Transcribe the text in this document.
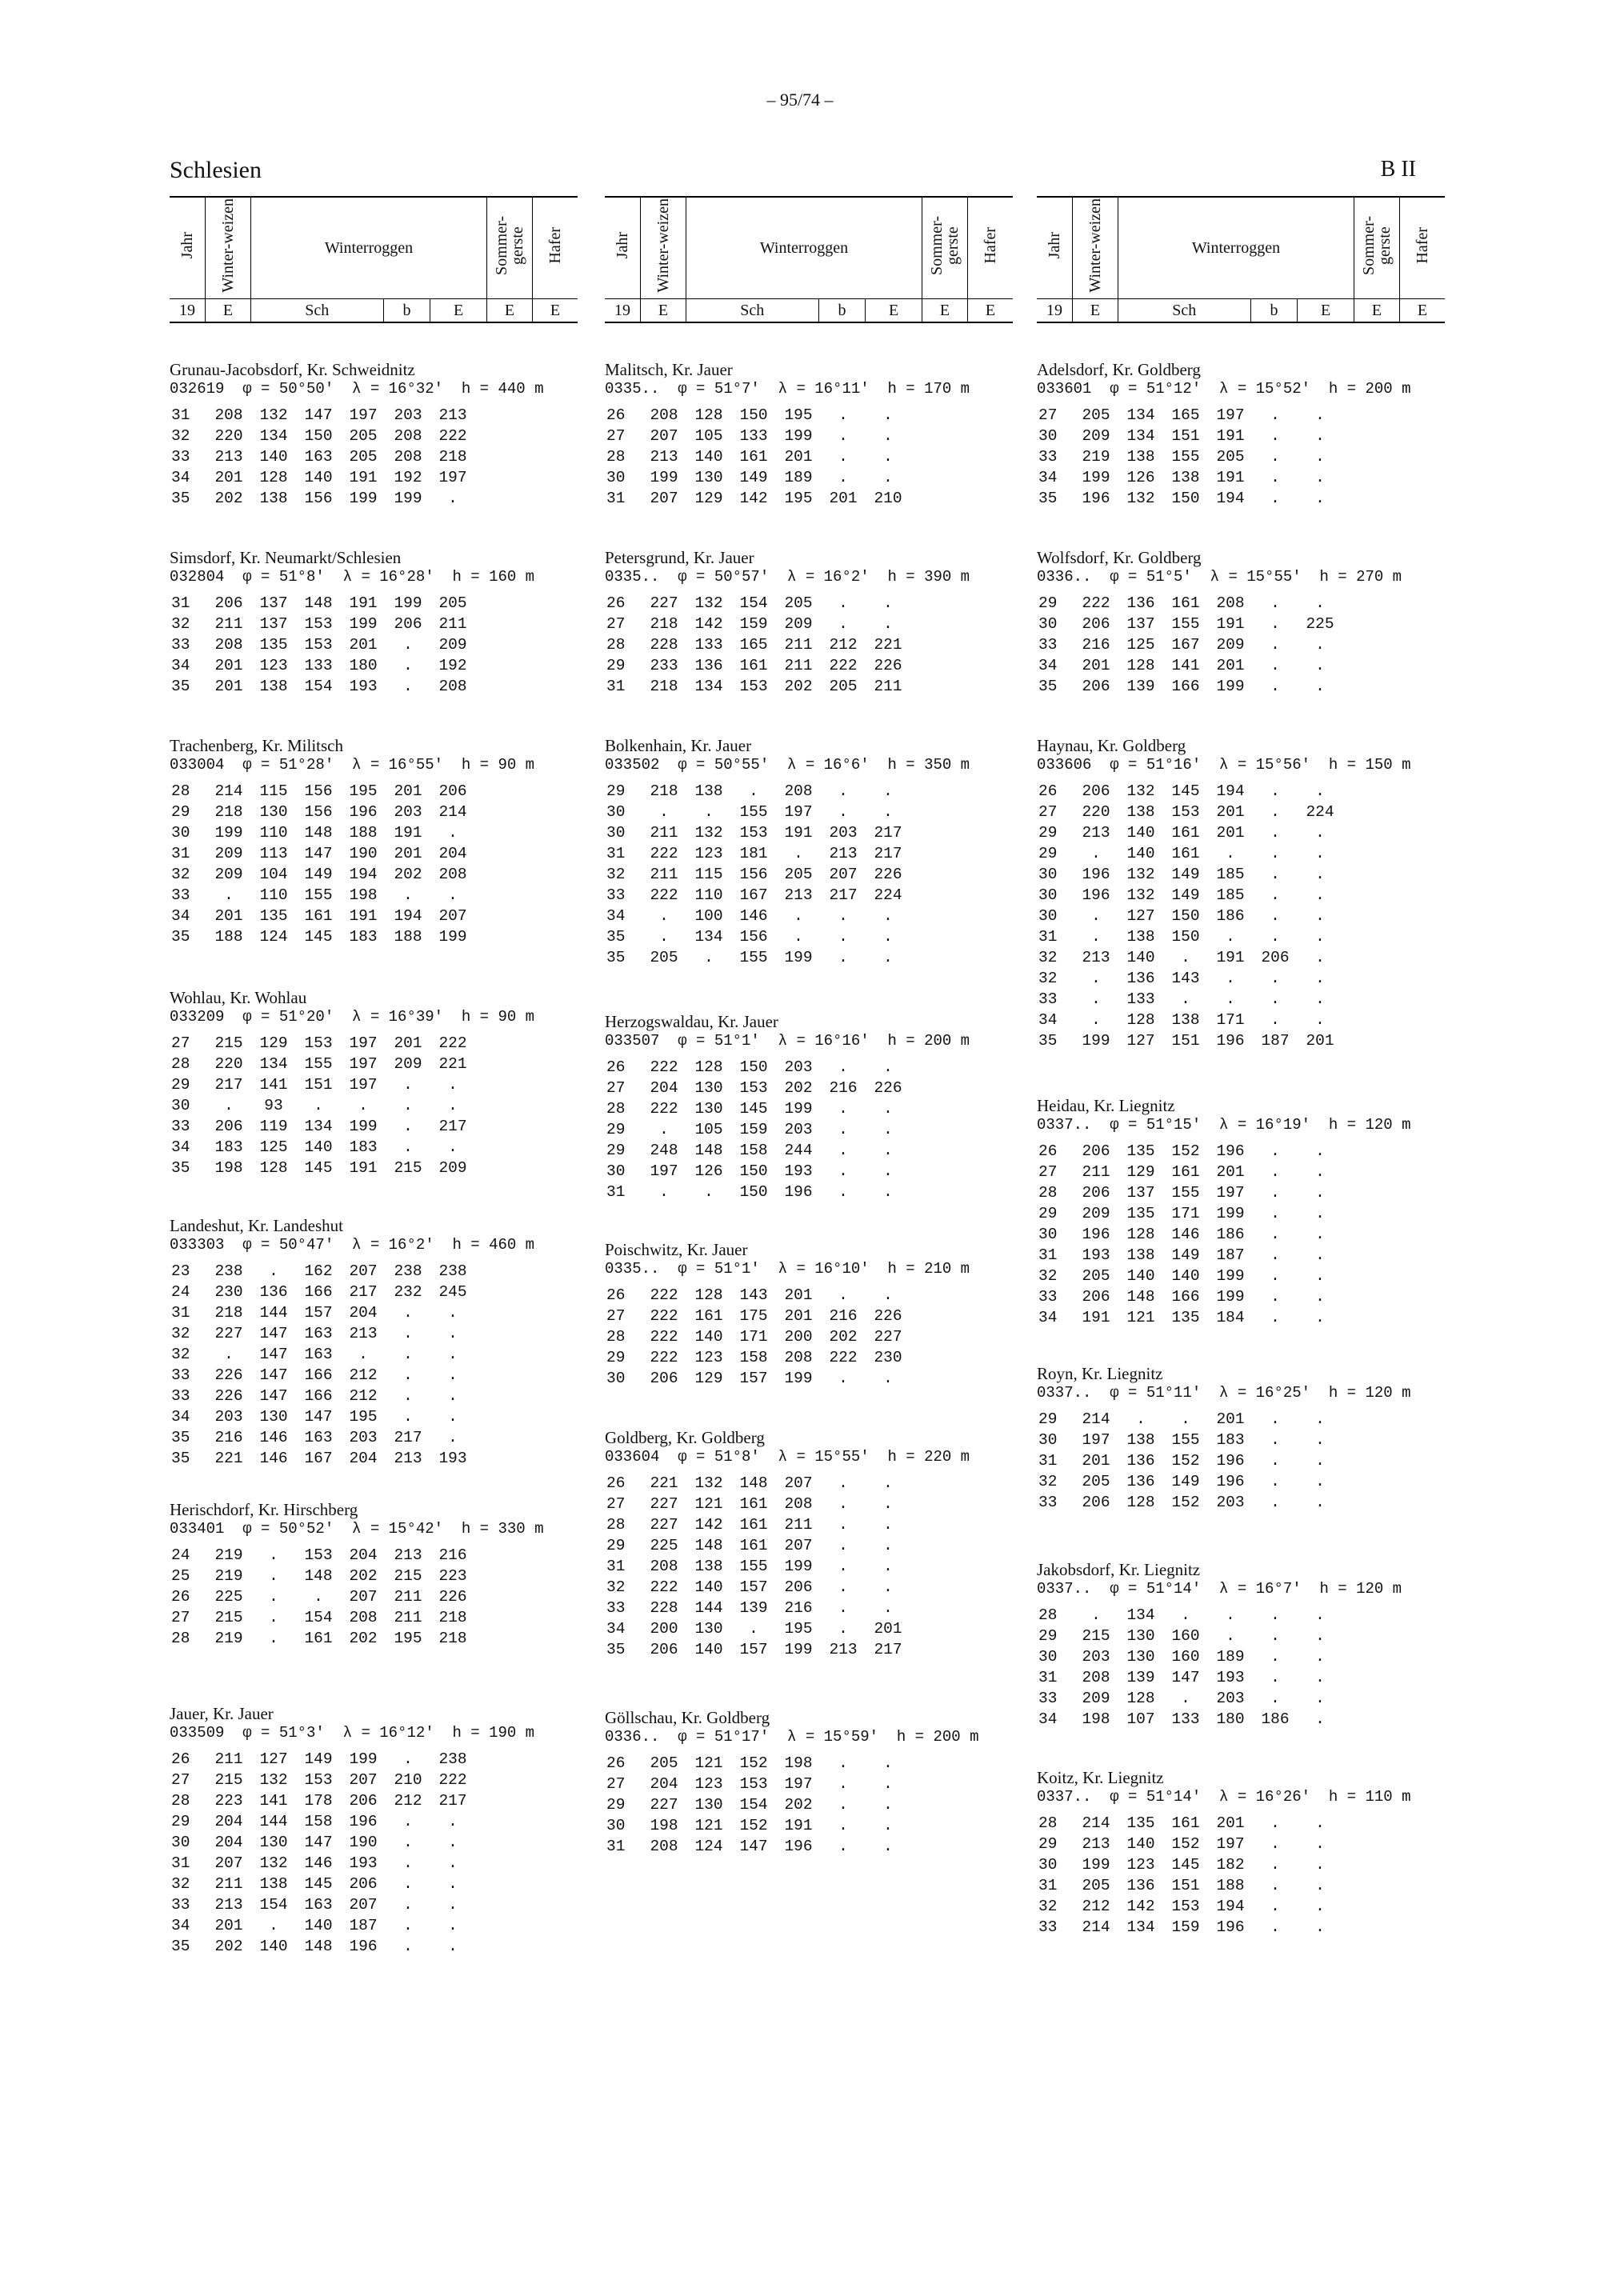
– 95/74 –
Schlesien	B II
Jahr	Winter-weizen	Winterroggen			Sommer-gerste	Hafer
19	E	Sch	b	E	E	E
Grunau-Jacobsdorf, Kr. Schweidnitz
032619  φ = 50°50'  λ = 16°32'  h = 440 m
31	208	132	147	197	203	213
32	220	134	150	205	208	222
33	213	140	163	205	208	218
34	201	128	140	191	192	197
35	202	138	156	199	199	.
Simsdorf, Kr. Neumarkt/Schlesien
032804  φ = 51°8'  λ = 16°28'  h = 160 m
31	206	137	148	191	199	205
32	211	137	153	199	206	211
33	208	135	153	201	.	209
34	201	123	133	180	.	192
35	201	138	154	193	.	208
Trachenberg, Kr. Militsch
033004  φ = 51°28'  λ = 16°55'  h = 90 m
28	214	115	156	195	201	206
29	218	130	156	196	203	214
30	199	110	148	188	191	.
31	209	113	147	190	201	204
32	209	104	149	194	202	208
33	.	110	155	198	.	.
34	201	135	161	191	194	207
35	188	124	145	183	188	199
Wohlau, Kr. Wohlau
033209  φ = 51°20'  λ = 16°39'  h = 90 m
27	215	129	153	197	201	222
28	220	134	155	197	209	221
29	217	141	151	197	.	.
30	.	93	.	.	.	.
33	206	119	134	199	.	217
34	183	125	140	183	.	.
35	198	128	145	191	215	209
Landeshut, Kr. Landeshut
033303  φ = 50°47'  λ = 16°2'  h = 460 m
23	238	.	162	207	238	238
24	230	136	166	217	232	245
31	218	144	157	204	.	.
32	227	147	163	213	.	.
32	.	147	163	.	.	.
33	226	147	166	212	.	.
33	226	147	166	212	.	.
34	203	130	147	195	.	.
35	216	146	163	203	217	.
35	221	146	167	204	213	193
Herischdorf, Kr. Hirschberg
033401  φ = 50°52'  λ = 15°42'  h = 330 m
24	219	.	153	204	213	216
25	219	.	148	202	215	223
26	225	.	.	207	211	226
27	215	.	154	208	211	218
28	219	.	161	202	195	218
Jauer, Kr. Jauer
033509  φ = 51°3'  λ = 16°12'  h = 190 m
26	211	127	149	199	.	238
27	215	132	153	207	210	222
28	223	141	178	206	212	217
29	204	144	158	196	.	.
30	204	130	147	190	.	.
31	207	132	146	193	.	.
32	211	138	145	206	.	.
33	213	154	163	207	.	.
34	201	.	140	187	.	.
35	202	140	148	196	.	.
Jahr	Winter-weizen	Winterroggen			Sommer-gerste	Hafer
19	E	Sch	b	E	E	E
Malitsch, Kr. Jauer
0335..  φ = 51°7'  λ = 16°11'  h = 170 m
26	208	128	150	195	.	.
27	207	105	133	199	.	.
28	213	140	161	201	.	.
30	199	130	149	189	.	.
31	207	129	142	195	201	210
Petersgrund, Kr. Jauer
0335..  φ = 50°57'  λ = 16°2'  h = 390 m
26	227	132	154	205	.	.
27	218	142	159	209	.	.
28	228	133	165	211	212	221
29	233	136	161	211	222	226
31	218	134	153	202	205	211
Bolkenhain, Kr. Jauer
033502  φ = 50°55'  λ = 16°6'  h = 350 m
29	218	138	.	208	.	.
30	.	.	155	197	.	.
30	211	132	153	191	203	217
31	222	123	181	.	213	217
32	211	115	156	205	207	226
33	222	110	167	213	217	224
34	.	100	146	.	.	.
35	.	134	156	.	.	.
35	205	.	155	199	.	.
Herzogswaldau, Kr. Jauer
033507  φ = 51°1'  λ = 16°16'  h = 200 m
26	222	128	150	203	.	.
27	204	130	153	202	216	226
28	222	130	145	199	.	.
29	.	105	159	203	.	.
29	248	148	158	244	.	.
30	197	126	150	193	.	.
31	.	.	150	196	.	.
Poischwitz, Kr. Jauer
0335..  φ = 51°1'  λ = 16°10'  h = 210 m
26	222	128	143	201	.	.
27	222	161	175	201	216	226
28	222	140	171	200	202	227
29	222	123	158	208	222	230
30	206	129	157	199	.	.
Goldberg, Kr. Goldberg
033604  φ = 51°8'  λ = 15°55'  h = 220 m
26	221	132	148	207	.	.
27	227	121	161	208	.	.
28	227	142	161	211	.	.
29	225	148	161	207	.	.
31	208	138	155	199	.	.
32	222	140	157	206	.	.
33	228	144	139	216	.	.
34	200	130	.	195	.	201
35	206	140	157	199	213	217
Göllschau, Kr. Goldberg
0336..  φ = 51°17'  λ = 15°59'  h = 200 m
26	205	121	152	198	.	.
27	204	123	153	197	.	.
29	227	130	154	202	.	.
30	198	121	152	191	.	.
31	208	124	147	196	.	.
Jahr	Winter-weizen	Winterroggen			Sommer-gerste	Hafer
19	E	Sch	b	E	E	E
Adelsdorf, Kr. Goldberg
033601  φ = 51°12'  λ = 15°52'  h = 200 m
27	205	134	165	197	.	.
30	209	134	151	191	.	.
33	219	138	155	205	.	.
34	199	126	138	191	.	.
35	196	132	150	194	.	.
Wolfsdorf, Kr. Goldberg
0336..  φ = 51°5'  λ = 15°55'  h = 270 m
29	222	136	161	208	.	.
30	206	137	155	191	.	225
33	216	125	167	209	.	.
34	201	128	141	201	.	.
35	206	139	166	199	.	.
Haynau, Kr. Goldberg
033606  φ = 51°16'  λ = 15°56'  h = 150 m
26	206	132	145	194	.	.
27	220	138	153	201	.	224
29	213	140	161	201	.	.
29	.	140	161	.	.	.
30	196	132	149	185	.	.
30	196	132	149	185	.	.
30	.	127	150	186	.	.
31	.	138	150	.	.	.
32	213	140	.	191	206	.
32	.	136	143	.	.	.
33	.	133	.	.	.	.
34	.	128	138	171	.	.
35	199	127	151	196	187	201
Heidau, Kr. Liegnitz
0337..  φ = 51°15'  λ = 16°19'  h = 120 m
26	206	135	152	196	.	.
27	211	129	161	201	.	.
28	206	137	155	197	.	.
29	209	135	171	199	.	.
30	196	128	146	186	.	.
31	193	138	149	187	.	.
32	205	140	140	199	.	.
33	206	148	166	199	.	.
34	191	121	135	184	.	.
Royn, Kr. Liegnitz
0337..  φ = 51°11'  λ = 16°25'  h = 120 m
29	214	.	.	201	.	.
30	197	138	155	183	.	.
31	201	136	152	196	.	.
32	205	136	149	196	.	.
33	206	128	152	203	.	.
Jakobsdorf, Kr. Liegnitz
0337..  φ = 51°14'  λ = 16°7'  h = 120 m
28	.	134	.	.	.	.
29	215	130	160	.	.	.
30	203	130	160	189	.	.
31	208	139	147	193	.	.
33	209	128	.	203	.	.
34	198	107	133	180	186	.
Koitz, Kr. Liegnitz
0337..  φ = 51°14'  λ = 16°26'  h = 110 m
28	214	135	161	201	.	.
29	213	140	152	197	.	.
30	199	123	145	182	.	.
31	205	136	151	188	.	.
32	212	142	153	194	.	.
33	214	134	159	196	.	.
